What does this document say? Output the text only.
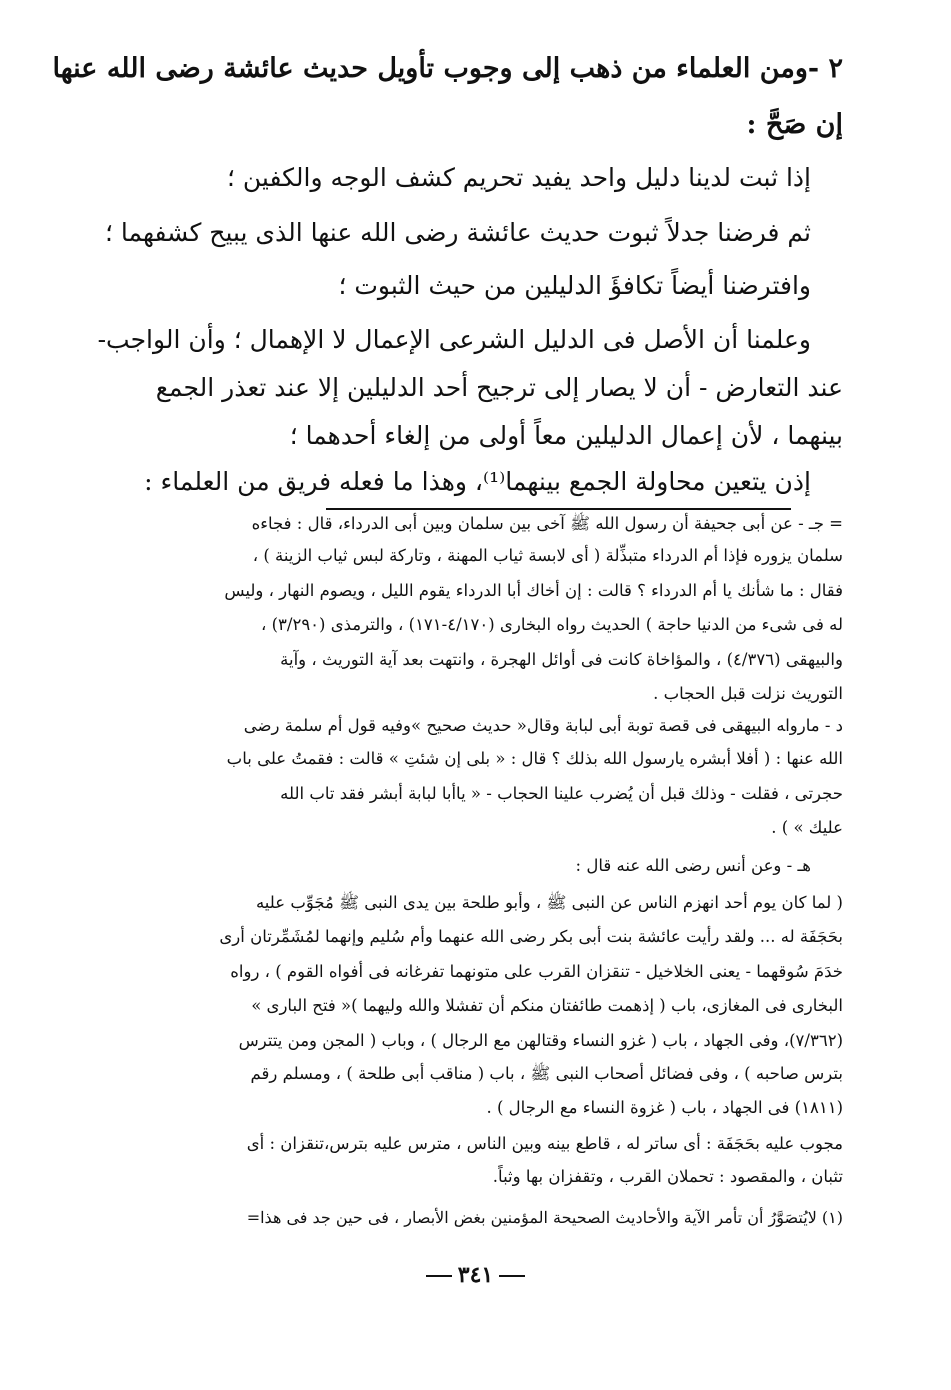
٢ -ومن العلماء من ذهب إلى وجوب تأويل حديث عائشة رضى الله عنها
إن صَحَّ :
إذا ثبت لدينا دليل واحد يفيد تحريم كشف الوجه والكفين ؛
ثم فرضنا جدلاً ثبوت حديث عائشة رضى الله عنها الذى يبيح كشفهما ؛
وافترضنا أيضاً تكافؤَ الدليلين من حيث الثبوت ؛
وعلمنا أن الأصل فى الدليل الشرعى الإعمال لا الإهمال ؛ وأن الواجب-
عند التعارض - أن لا يصار إلى ترجيح أحد الدليلين إلا عند تعذر الجمع
بينهما ، لأن إعمال الدليلين معاً أولى من إلغاء أحدهما ؛
إذن يتعين محاولة الجمع بينهما⁽¹⁾، وهذا ما فعله فريق من العلماء :
= جـ - عن أبى جحيفة أن رسول الله ﷺ آخى بين سلمان وبين أبى الدرداء، قال : فجاءه
سلمان يزوره فإذا أم الدرداء متبذِّلة ( أى لابسة ثياب المهنة ، وتاركة لبس ثياب الزينة ) ،
فقال : ما شأنك يا أم الدرداء ؟ قالت : إن أخاك أبا الدرداء يقوم الليل ، ويصوم النهار ، وليس
له فى شىء من الدنيا حاجة ) الحديث رواه البخارى (٤/١٧٠-١٧١) ، والترمذى (٣/٢٩٠) ،
والبيهقى (٤/٣٧٦) ، والمؤاخاة كانت فى أوائل الهجرة ، وانتهت بعد آية التوريث ، وآية
التوريث نزلت قبل الحجاب .
د - ماروا‍ه البيهقى فى قصة توبة أبى لبابة وقال« حديث صحيح »وفيه قول أم سلمة رضى
الله عنها : ( أفلا أبشره يارسول الله بذلك ؟ قال : « بلى إن شئتِ » قالت : فقمتُ على باب
حجرتى ، فقلت - وذلك قبل أن يُضرب علينا الحجاب - « ياأبا لبابة أبشر فقد تاب الله
عليك » ) .
هـ - وعن أنس رضى الله عنه قال :
( لما كان يوم أحد انهزم الناس عن النبى ﷺ ، وأبو طلحة بين يدى النبى ﷺ مُجَوِّب عليه
بحَجَفَة له ... ولقد رأيت عائشة بنت أبى بكر رضى الله عنهما وأم سُليم وإنهما لمُشَمِّرتان أرى
خدَمَ سُوقهما - يعنى الخلاخيل - تنقزان القرب على متونهما تفرغانه فى أفواه القوم ) ، رواه
البخارى فى المغازى، باب ( إذهمت طائفتان منكم أن تفشلا والله وليهما )« فتح البارى »
(٧/٣٦٢)، وفى الجهاد ، باب ( غزو النساء وقتالهن مع الرجال ) ، وباب ( المجن ومن يتترس
بترس صاحبه ) ، وفى فضائل أصحاب النبى ﷺ ، باب ( مناقب أبى طلحة ) ، ومسلم رقم
(١٨١١) فى الجهاد ، باب ( غزوة النساء مع الرجال ) .
مجوب عليه بحَجَفَة : أى ساتر له ، قاطع بينه وبين الناس ، مترس عليه بترس،تنقزان : أى
تثبان ، والمقصود : تحملان القرب ، وتقفزان بها وثباً.
(١) لايُتصَوَّرُ أن تأمر الآية والأحاديث الصحيحة المؤمنين بغض الأبصار ، فى حين جد فى هذا=
٣٤١
